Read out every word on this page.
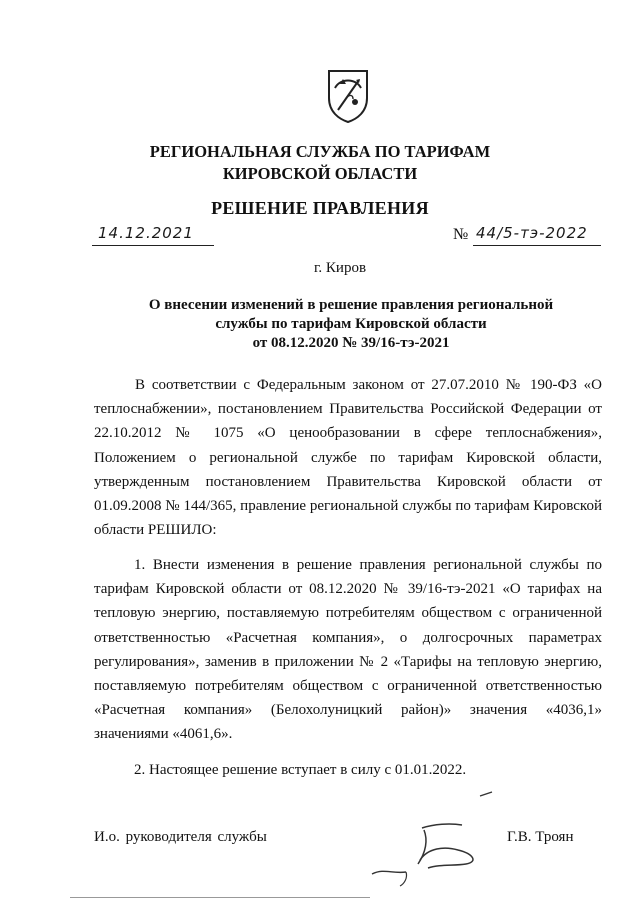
РЕГИОНАЛЬНАЯ СЛУЖБА ПО ТАРИФАМ
КИРОВСКОЙ ОБЛАСТИ
РЕШЕНИЕ ПРАВЛЕНИЯ
14.12.2021	№ 44/5-тэ-2022
г. Киров
О внесении изменений в решение правления региональной
службы по тарифам Кировской области
от 08.12.2020 № 39/16-тэ-2021
В соответствии с Федеральным законом от 27.07.2010 № 190-ФЗ «О теплоснабжении», постановлением Правительства Российской Федерации от 22.10.2012 № 1075 «О ценообразовании в сфере теплоснабжения», Положением о региональной службе по тарифам Кировской области, утвержденным постановлением Правительства Кировской области от 01.09.2008 № 144/365, правление региональной службы по тарифам Кировской области РЕШИЛО:
1. Внести изменения в решение правления региональной службы по тарифам Кировской области от 08.12.2020 № 39/16-тэ-2021 «О тарифах на тепловую энергию, поставляемую потребителям обществом с ограниченной ответственностью «Расчетная компания», о долгосрочных параметрах регулирования», заменив в приложении № 2 «Тарифы на тепловую энергию, поставляемую потребителям обществом с ограниченной ответственностью «Расчетная компания» (Белохолуницкий район)» значения «4036,1» значениями «4061,6».
2. Настоящее решение вступает в силу с 01.01.2022.
И.о. руководителя службы	Г.В. Троян
